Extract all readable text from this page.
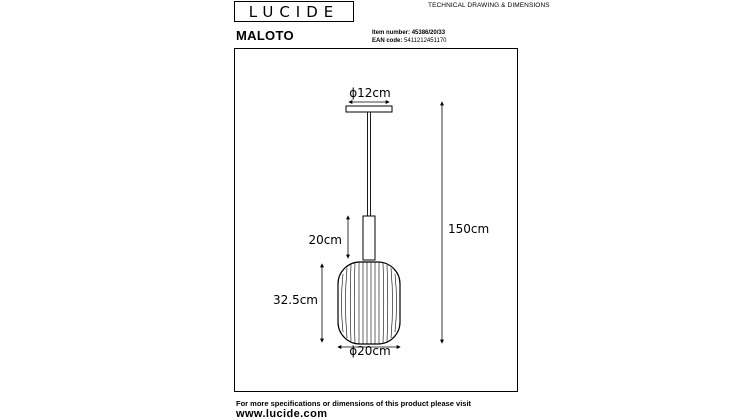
LUCIDE	TECHNICAL DRAWING & DIMENSIONS
MALOTO	Item number: 45386/20/33
EAN code: 5411212451170
ϕ12cm
150cm
20cm
32.5cm
ϕ20cm
For more specifications or dimensions of this product please visit
www.lucide.com
